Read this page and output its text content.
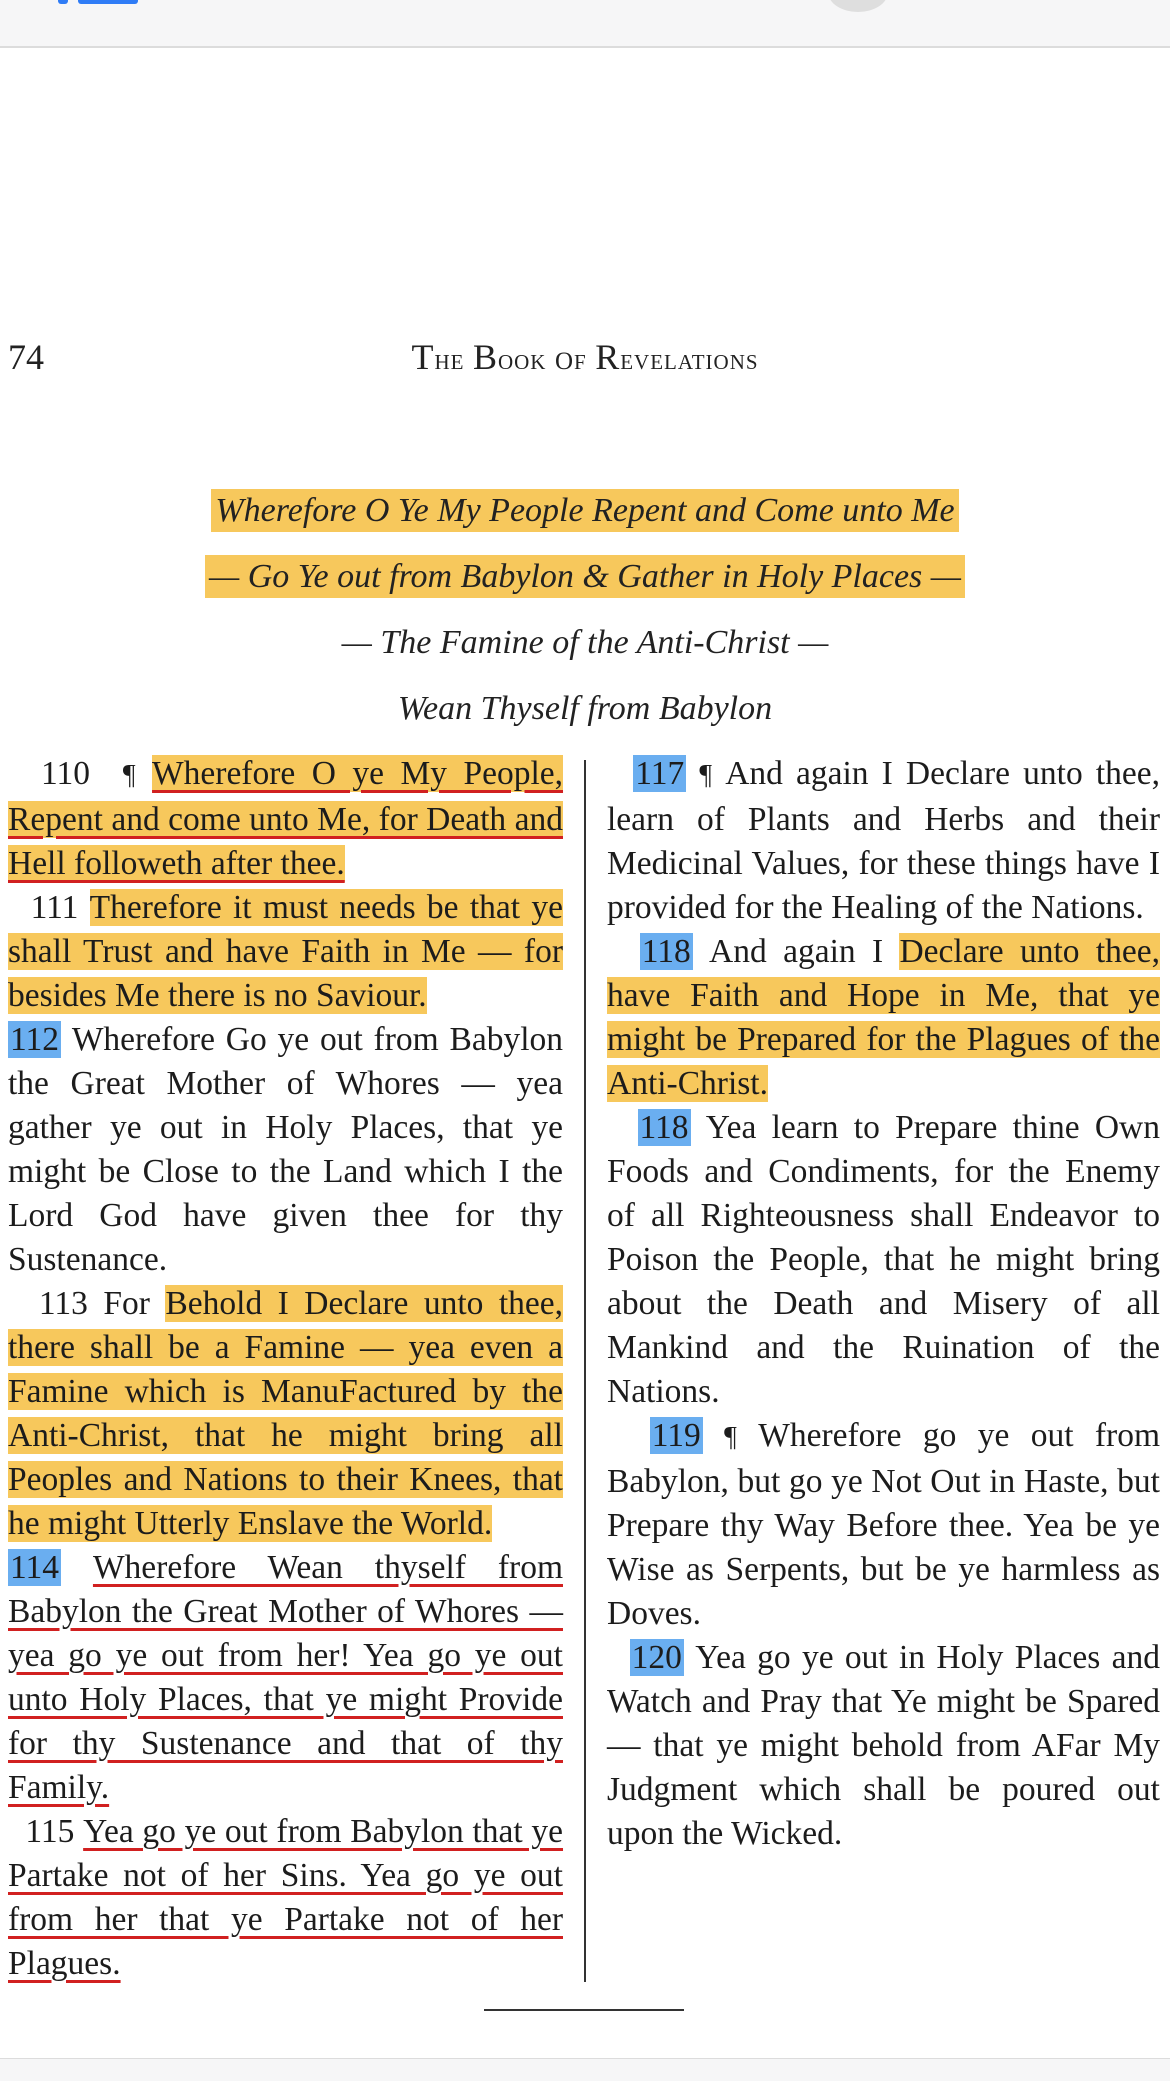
74	The Book of Revelations
Wherefore O Ye My People Repent and Come unto Me
— Go Ye out from Babylon & Gather in Holy Places —
— The Famine of the Anti-Christ —
Wean Thyself from Babylon

110 ¶ Wherefore O ye My People, Repent and come unto Me, for Death and Hell followeth after thee.

111 Therefore it must needs be that ye shall Trust and have Faith in Me — for besides Me there is no Saviour.

112 Wherefore Go ye out from Babylon the Great Mother of Whores — yea gather ye out in Holy Places, that ye might be Close to the Land which I the Lord God have given thee for thy Sustenance.

113 For Behold I Declare unto thee, there shall be a Famine — yea even a Famine which is ManuFactured by the Anti-Christ, that he might bring all Peoples and Nations to their Knees, that he might Utterly Enslave the World.

114 Wherefore Wean thyself from Babylon the Great Mother of Whores — yea go ye out from her! Yea go ye out unto Holy Places, that ye might Provide for thy Sustenance and that of thy Family.

115 Yea go ye out from Babylon that ye Partake not of her Sins. Yea go ye out from her that ye Partake not of her Plagues.

117 ¶ And again I Declare unto thee, learn of Plants and Herbs and their Medicinal Values, for these things have I provided for the Healing of the Nations.

118 And again I Declare unto thee, have Faith and Hope in Me, that ye might be Prepared for the Plagues of the Anti-Christ.

118 Yea learn to Prepare thine Own Foods and Condiments, for the Enemy of all Righteousness shall Endeavor to Poison the People, that he might bring about the Death and Misery of all Mankind and the Ruination of the Nations.

119 ¶ Wherefore go ye out from Babylon, but go ye Not Out in Haste, but Prepare thy Way Before thee. Yea be ye Wise as Serpents, but be ye harmless as Doves.

120 Yea go ye out in Holy Places and Watch and Pray that Ye might be Spared — that ye might behold from AFar My Judgment which shall be poured out upon the Wicked.
